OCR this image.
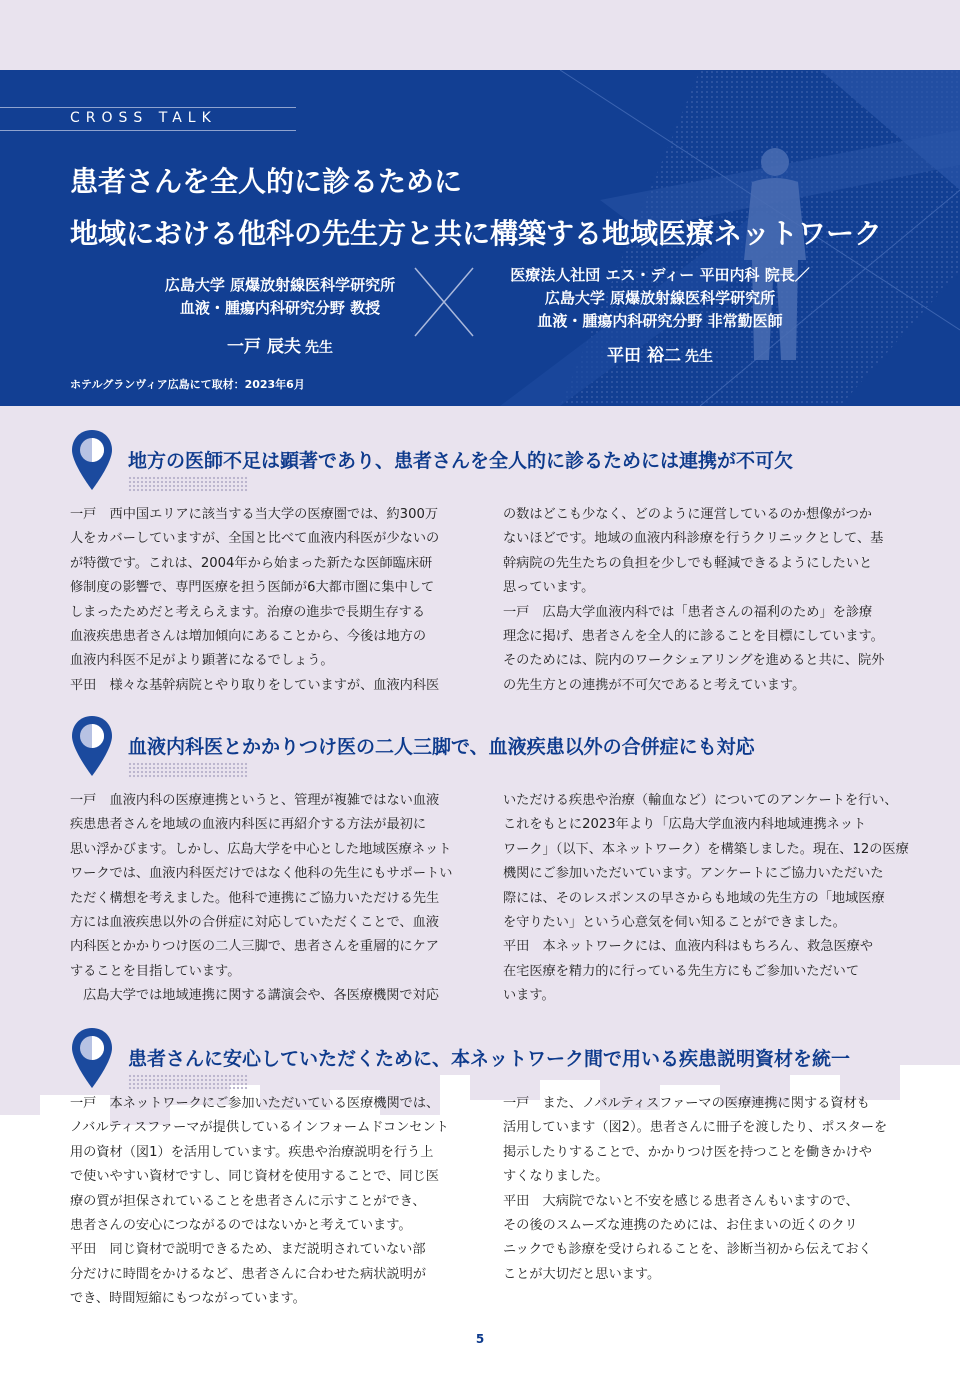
CROSS TALK
患者さんを全人的に診るために
地域における他科の先生方と共に構築する地域医療ネットワーク
広島大学 原爆放射線医科学研究所
血液・腫瘍内科研究分野 教授
一戸 辰夫 先生
医療法人社団 エス・ディー 平田内科 院長／
広島大学 原爆放射線医科学研究所
血液・腫瘍内科研究分野 非常勤医師
平田 裕二 先生
ホテルグランヴィア広島にて取材：2023年6月
地方の医師不足は顕著であり、患者さんを全人的に診るためには連携が不可欠

一戸　西中国エリアに該当する当大学の医療圏では、約300万

人をカバーしていますが、全国と比べて血液内科医が少ないの

が特徴です。これは、2004年から始まった新たな医師臨床研

修制度の影響で、専門医療を担う医師が6大都市圏に集中して

しまったためだと考えらえます。治療の進歩で長期生存する

血液疾患患者さんは増加傾向にあることから、今後は地方の

血液内科医不足がより顕著になるでしょう。

平田　様々な基幹病院とやり取りをしていますが、血液内科医

の数はどこも少なく、どのように運営しているのか想像がつか

ないほどです。地域の血液内科診療を行うクリニックとして、基

幹病院の先生たちの負担を少しでも軽減できるようにしたいと

思っています。

一戸　広島大学血液内科では「患者さんの福利のため」を診療

理念に掲げ、患者さんを全人的に診ることを目標にしています。

そのためには、院内のワークシェアリングを進めると共に、院外

の先生方との連携が不可欠であると考えています。

血液内科医とかかりつけ医の二人三脚で、血液疾患以外の合併症にも対応

一戸　血液内科の医療連携というと、管理が複雑ではない血液

疾患患者さんを地域の血液内科医に再紹介する方法が最初に

思い浮かびます。しかし、広島大学を中心とした地域医療ネット

ワークでは、血液内科医だけではなく他科の先生にもサポートい

ただく構想を考えました。他科で連携にご協力いただける先生

方には血液疾患以外の合併症に対応していただくことで、血液

内科医とかかりつけ医の二人三脚で、患者さんを重層的にケア

することを目指しています。

　広島大学では地域連携に関する講演会や、各医療機関で対応

いただける疾患や治療（輸血など）についてのアンケートを行い、

これをもとに2023年より「広島大学血液内科地域連携ネット

ワーク」（以下、本ネットワーク）を構築しました。現在、12の医療

機関にご参加いただいています。アンケートにご協力いただいた

際には、そのレスポンスの早さからも地域の先生方の「地域医療

を守りたい」という心意気を伺い知ることができました。

平田　本ネットワークには、血液内科はもちろん、救急医療や

在宅医療を精力的に行っている先生方にもご参加いただいて

います。

患者さんに安心していただくために、本ネットワーク間で用いる疾患説明資材を統一

一戸　本ネットワークにご参加いただいている医療機関では、

ノバルティスファーマが提供しているインフォームドコンセント

用の資材（図1）を活用しています。疾患や治療説明を行う上

で使いやすい資材ですし、同じ資材を使用することで、同じ医

療の質が担保されていることを患者さんに示すことができ、

患者さんの安心につながるのではないかと考えています。

平田　同じ資材で説明できるため、まだ説明されていない部

分だけに時間をかけるなど、患者さんに合わせた病状説明が

でき、時間短縮にもつながっています。

一戸　また、ノバルティスファーマの医療連携に関する資材も

活用しています（図2）。患者さんに冊子を渡したり、ポスターを

掲示したりすることで、かかりつけ医を持つことを働きかけや

すくなりました。

平田　大病院でないと不安を感じる患者さんもいますので、

その後のスムーズな連携のためには、お住まいの近くのクリ

ニックでも診療を受けられることを、診断当初から伝えておく

ことが大切だと思います。

5
